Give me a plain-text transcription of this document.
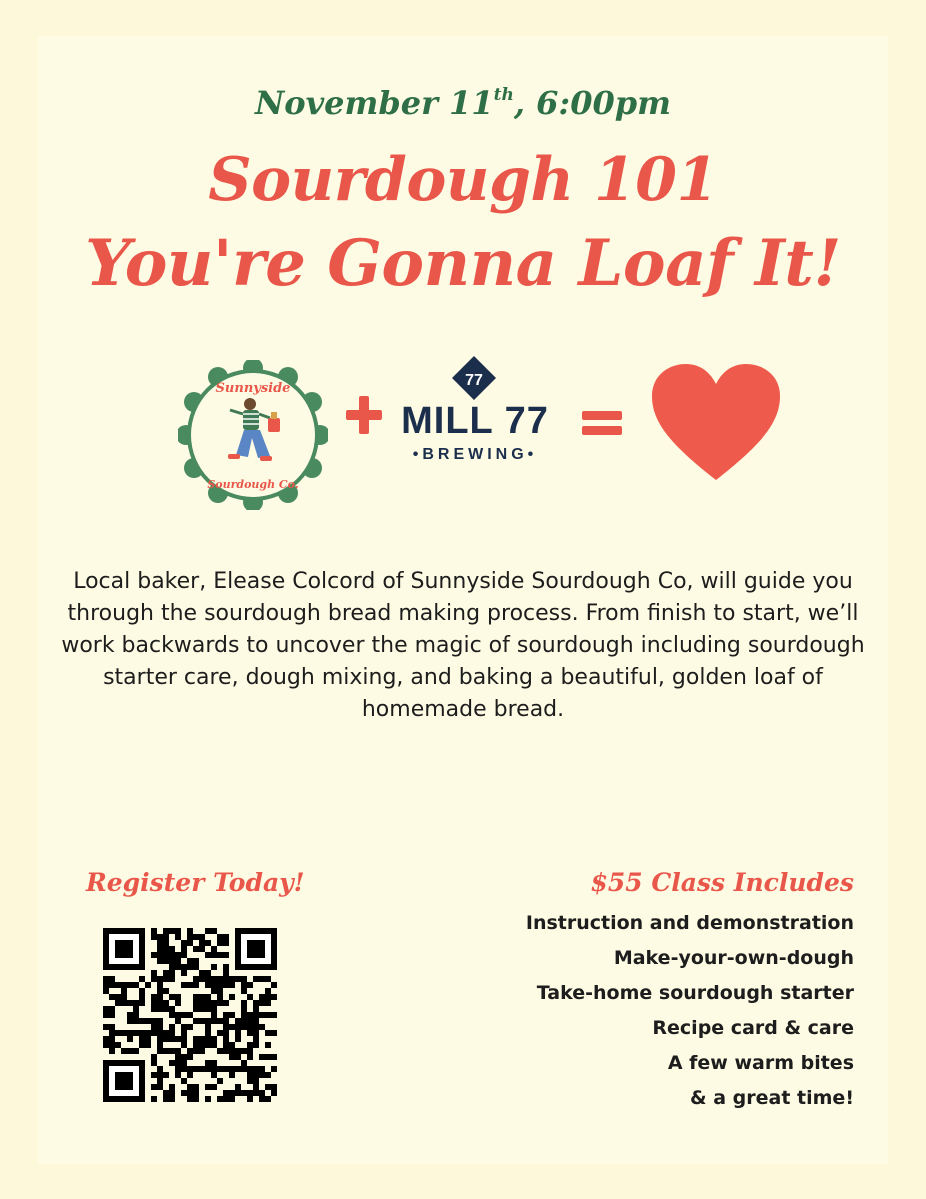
November 11th, 6:00pm
Sourdough 101
You're Gonna Loaf It!
Sunnyside
Sourdough Co.
77
MILL 77
•BREWING•
Local baker, Elease Colcord of Sunnyside Sourdough Co, will guide you through the sourdough bread making process. From finish to start, we’ll work backwards to uncover the magic of sourdough including sourdough starter care, dough mixing, and baking a beautiful, golden loaf of homemade bread.
Register Today!	$55 Class Includes
Instruction and demonstration
Make-your-own-dough
Take-home sourdough starter
Recipe card & care
A few warm bites
& a great time!
